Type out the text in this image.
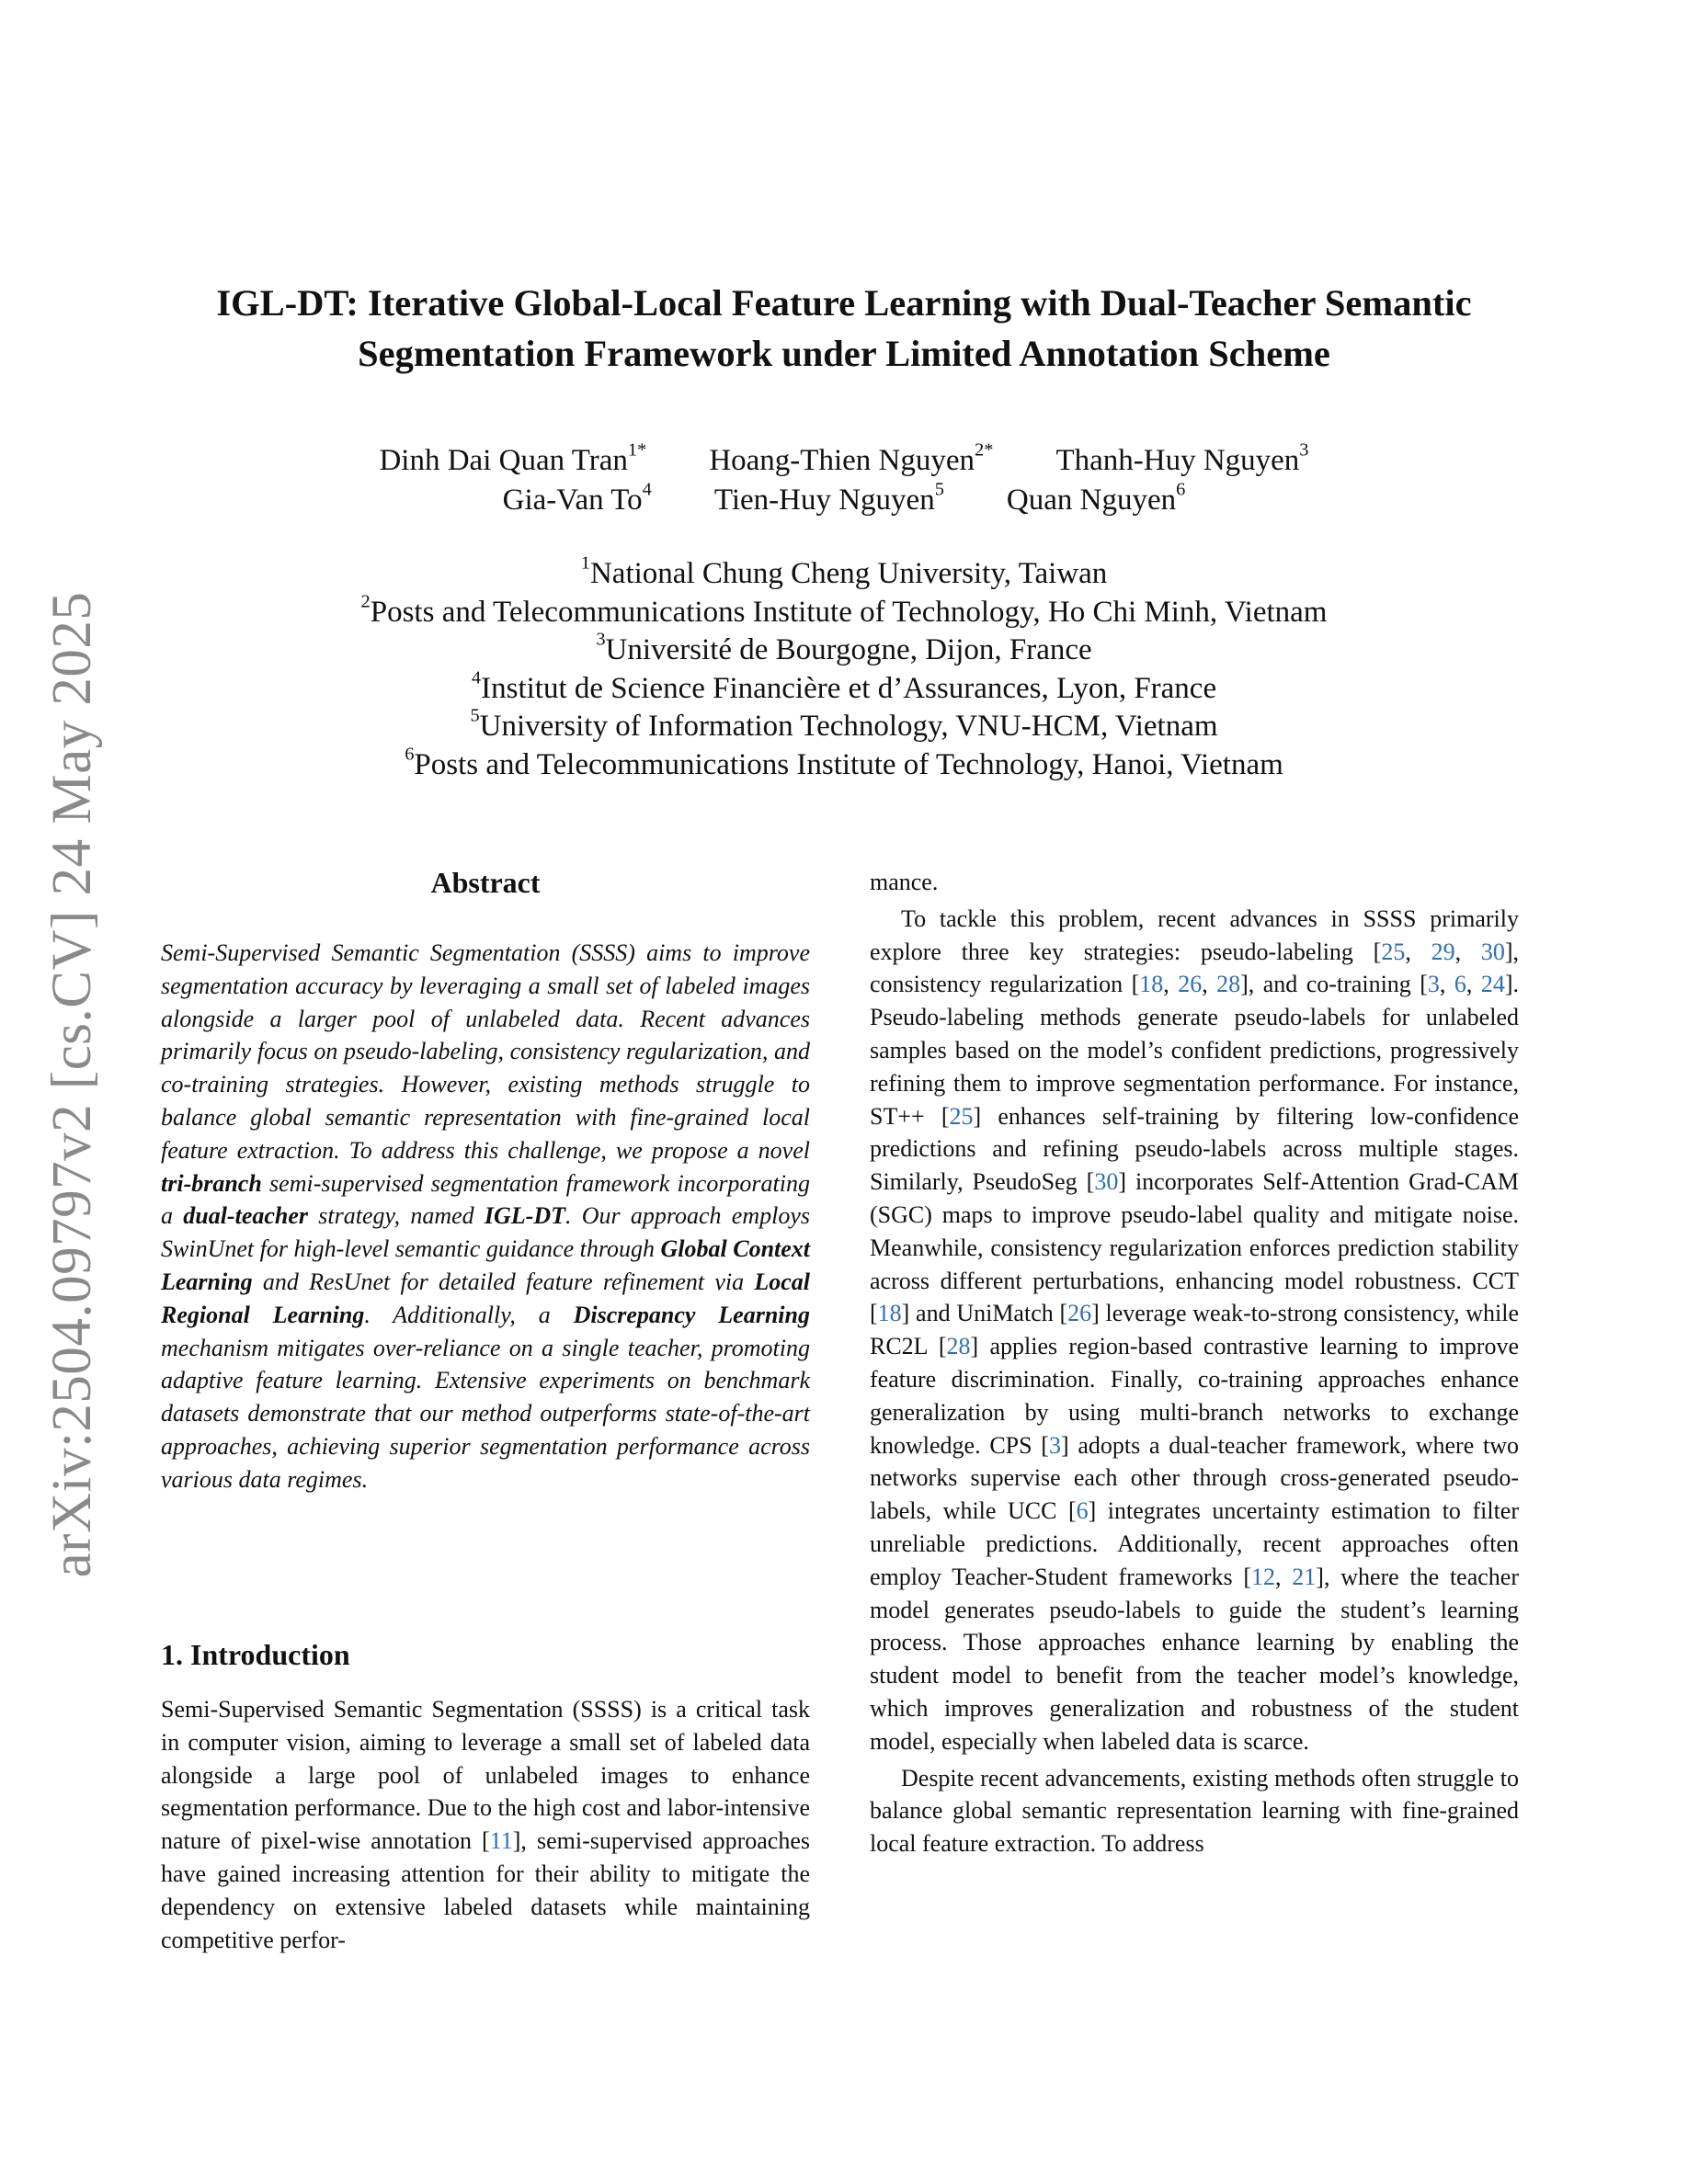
arXiv:2504.09797v2 [cs.CV] 24 May 2025
IGL-DT: Iterative Global-Local Feature Learning with Dual-Teacher Semantic
Segmentation Framework under Limited Annotation Scheme
Dinh Dai Quan Tran$^{1*}$ Hoang-Thien Nguyen$^{2*}$ Thanh-Huy Nguyen$^3$
Gia-Van To$^4$ Tien-Huy Nguyen$^5$ Quan Nguyen$^6$
$^1$National Chung Cheng University, Taiwan
$^2$Posts and Telecommunications Institute of Technology, Ho Chi Minh, Vietnam
$^3$Université de Bourgogne, Dijon, France
$^4$Institut de Science Financière et d’Assurances, Lyon, France
$^5$University of Information Technology, VNU-HCM, Vietnam
$^6$Posts and Telecommunications Institute of Technology, Hanoi, Vietnam
Abstract

Semi-Supervised Semantic Segmentation (SSSS) aims to improve segmentation accuracy by leveraging a small set of labeled images alongside a larger pool of unlabeled data. Recent advances primarily focus on pseudo-labeling, consistency regularization, and co-training strategies. However, existing methods struggle to balance global semantic representation with fine-grained local feature extraction. To address this challenge, we propose a novel tri-branch semi-supervised segmentation framework incorporating a dual-teacher strategy, named IGL-DT. Our approach employs SwinUnet for high-level semantic guidance through Global Context Learning and ResUnet for detailed feature refinement via Local Regional Learning. Additionally, a Discrepancy Learning mechanism mitigates over-reliance on a single teacher, promoting adaptive feature learning. Extensive experiments on benchmark datasets demonstrate that our method outperforms state-of-the-art approaches, achieving superior segmentation performance across various data regimes.

1. Introduction

Semi-Supervised Semantic Segmentation (SSSS) is a critical task in computer vision, aiming to leverage a small set of labeled data alongside a large pool of unlabeled images to enhance segmentation performance. Due to the high cost and labor-intensive nature of pixel-wise annotation [11], semi-supervised approaches have gained increasing attention for their ability to mitigate the dependency on extensive labeled datasets while maintaining competitive perfor-

mance.

To tackle this problem, recent advances in SSSS primarily explore three key strategies: pseudo-labeling [25, 29, 30], consistency regularization [18, 26, 28], and co-training [3, 6, 24]. Pseudo-labeling methods generate pseudo-labels for unlabeled samples based on the model’s confident predictions, progressively refining them to improve segmentation performance. For instance, ST++ [25] enhances self-training by filtering low-confidence predictions and refining pseudo-labels across multiple stages. Similarly, PseudoSeg [30] incorporates Self-Attention Grad-CAM (SGC) maps to improve pseudo-label quality and mitigate noise. Meanwhile, consistency regularization enforces prediction stability across different perturbations, enhancing model robustness. CCT [18] and UniMatch [26] leverage weak-to-strong consistency, while RC2L [28] applies region-based contrastive learning to improve feature discrimination. Finally, co-training approaches enhance generalization by using multi-branch networks to exchange knowledge. CPS [3] adopts a dual-teacher framework, where two networks supervise each other through cross-generated pseudo-labels, while UCC [6] integrates uncertainty estimation to filter unreliable predictions. Additionally, recent approaches often employ Teacher-Student frameworks [12, 21], where the teacher model generates pseudo-labels to guide the student’s learning process. Those approaches enhance learning by enabling the student model to benefit from the teacher model’s knowledge, which improves generalization and robustness of the student model, especially when labeled data is scarce.

Despite recent advancements, existing methods often struggle to balance global semantic representation learning with fine-grained local feature extraction. To address
